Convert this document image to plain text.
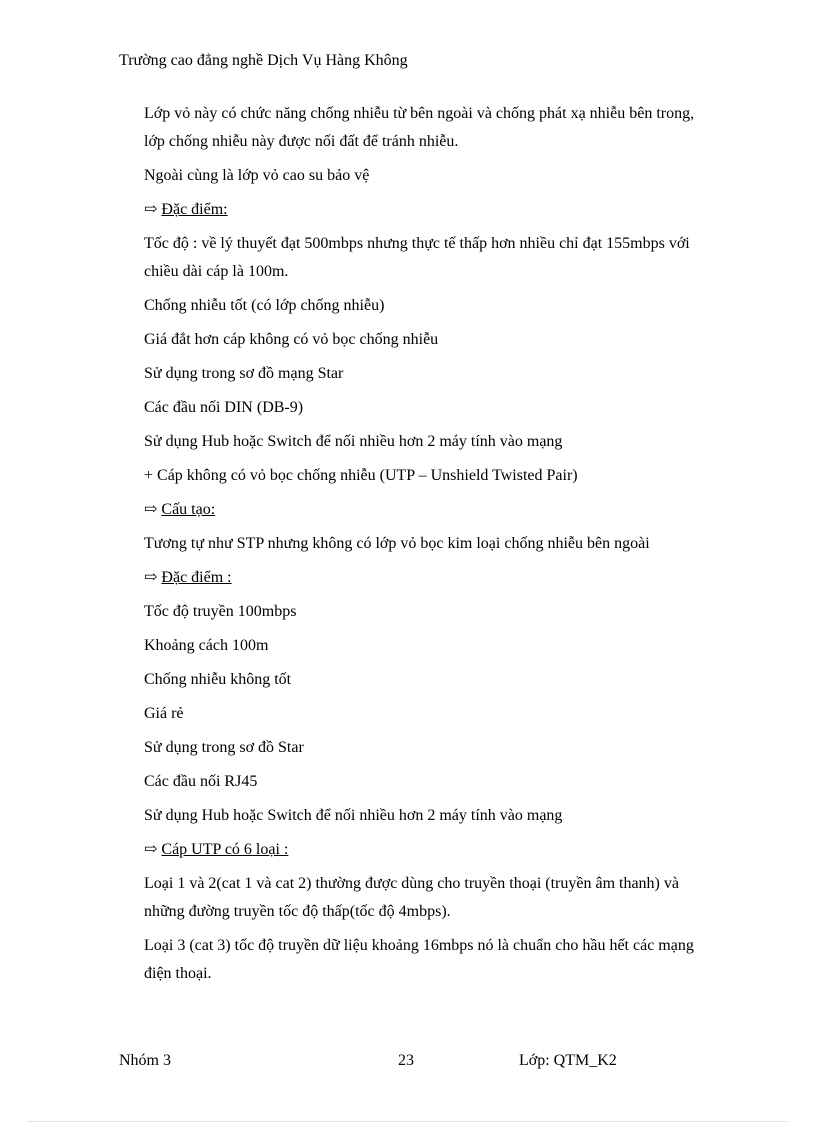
Trường cao đẳng nghề Dịch Vụ Hàng Không
Lớp vỏ này có chức năng chống nhiễu từ bên ngoài và chống phát xạ nhiễu bên trong, lớp chống nhiễu này được nối đất để tránh nhiễu.
Ngoài cùng là lớp vỏ cao su bảo vệ
⇨ Đặc điểm:
Tốc độ : về lý thuyết đạt 500mbps nhưng thực tế thấp hơn nhiều chỉ đạt 155mbps với chiều dài cáp là 100m.
Chống nhiễu tốt (có lớp chống nhiễu)
Giá đắt hơn cáp không có vỏ bọc chống nhiễu
Sử dụng trong sơ đồ mạng Star
Các đầu nối DIN (DB-9)
Sử dụng Hub hoặc Switch để nối nhiều hơn 2 máy tính vào mạng
+ Cáp không có vỏ bọc chống nhiễu (UTP – Unshield Twisted Pair)
⇨ Cấu tạo:
Tương tự như STP nhưng không có lớp vỏ bọc kim loại chống nhiễu bên ngoài
⇨ Đặc điểm :
Tốc độ truyền 100mbps
Khoảng cách 100m
Chống nhiễu không tốt
Giá rẻ
Sử dụng trong sơ đồ Star
Các đầu nối RJ45
Sử dụng Hub hoặc Switch để nối nhiều hơn 2 máy tính vào mạng
⇨ Cáp UTP có 6 loại :
Loại 1 và 2(cat 1 và cat 2) thường được dùng cho truyền thoại (truyền âm thanh) và những đường truyền tốc độ thấp(tốc độ 4mbps).
Loại 3 (cat 3) tốc độ truyền dữ liệu khoảng 16mbps nó là chuẩn cho hầu hết các mạng điện thoại.
Nhóm 3	23	Lớp: QTM_K2
